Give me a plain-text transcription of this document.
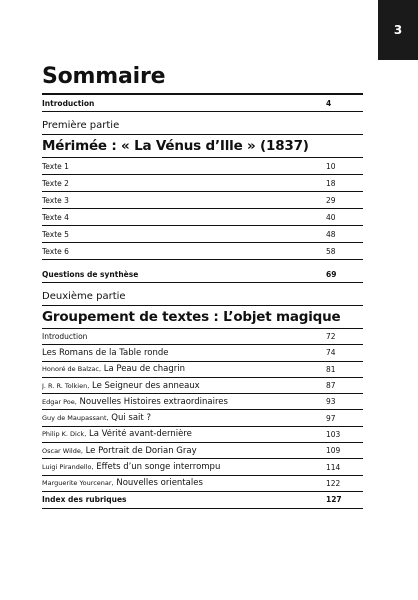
3
Sommaire
Introduction	4
Première partie
Mérimée : « La Vénus d’Ille » (1837)
Texte 1	10
Texte 2	18
Texte 3	29
Texte 4	40
Texte 5	48
Texte 6	58
Questions de synthèse	69
Deuxième partie
Groupement de textes : L’objet magique
Introduction	72
Les Romans de la Table ronde	74
Honoré de Balzac, La Peau de chagrin	81
J. R. R. Tolkien, Le Seigneur des anneaux	87
Edgar Poe, Nouvelles Histoires extraordinaires	93
Guy de Maupassant, Qui sait ?	97
Philip K. Dick, La Vérité avant-dernière	103
Oscar Wilde, Le Portrait de Dorian Gray	109
Luigi Pirandello, Effets d’un songe interrompu	114
Marguerite Yourcenar, Nouvelles orientales	122
Index des rubriques	127
